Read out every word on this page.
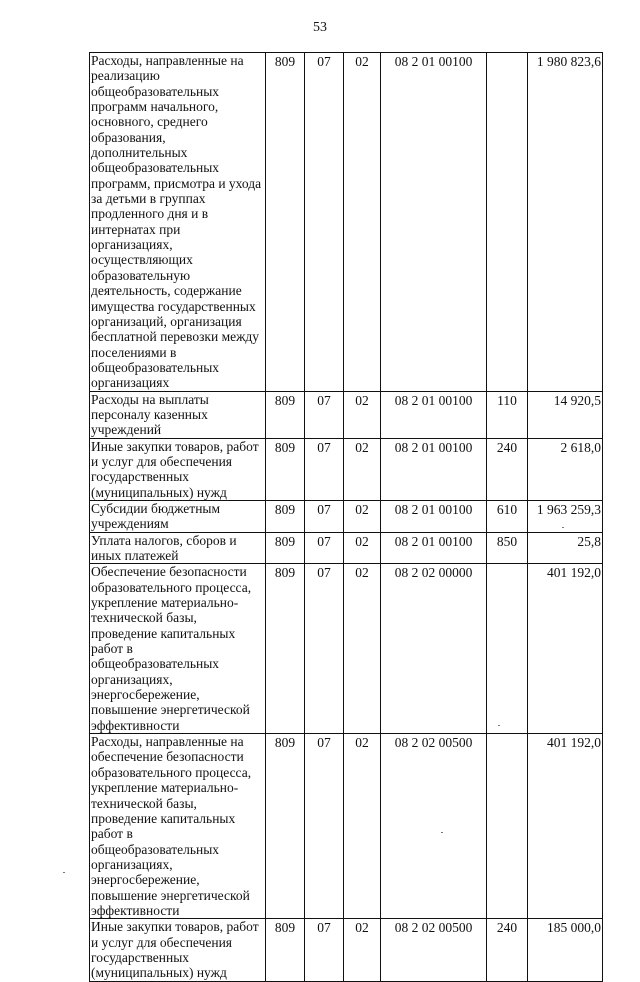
53
Расходы, направленные на реализацию общеобразовательных программ начального, основного, среднего образования, дополнительных общеобразовательных программ, присмотра и ухода за детьми в группах продленного дня и в интернатах при организациях, осуществляющих образовательную деятельность, содержание имущества государственных организаций, организация бесплатной перевозки между поселениями в общеобразовательных организациях	809	07	02	08 2 01 00100		1 980 823,6
Расходы на выплаты персоналу казенных учреждений	809	07	02	08 2 01 00100	110	14 920,5
Иные закупки товаров, работ и услуг для обеспечения государственных (муниципальных) нужд	809	07	02	08 2 01 00100	240	2 618,0
Субсидии бюджетным учреждениям	809	07	02	08 2 01 00100	610	1 963 259,3
Уплата налогов, сборов и иных платежей	809	07	02	08 2 01 00100	850	25,8
Обеспечение безопасности образовательного процесса, укрепление материально-технической базы, проведение капитальных работ в общеобразовательных организациях, энергосбережение, повышение энергетической эффективности	809	07	02	08 2 02 00000		401 192,0
Расходы, направленные на обеспечение безопасности образовательного процесса, укрепление материально-технической базы, проведение капитальных работ в общеобразовательных организациях, энергосбережение, повышение энергетической эффективности	809	07	02	08 2 02 00500		401 192,0
Иные закупки товаров, работ и услуг для обеспечения государственных (муниципальных) нужд	809	07	02	08 2 02 00500	240	185 000,0
